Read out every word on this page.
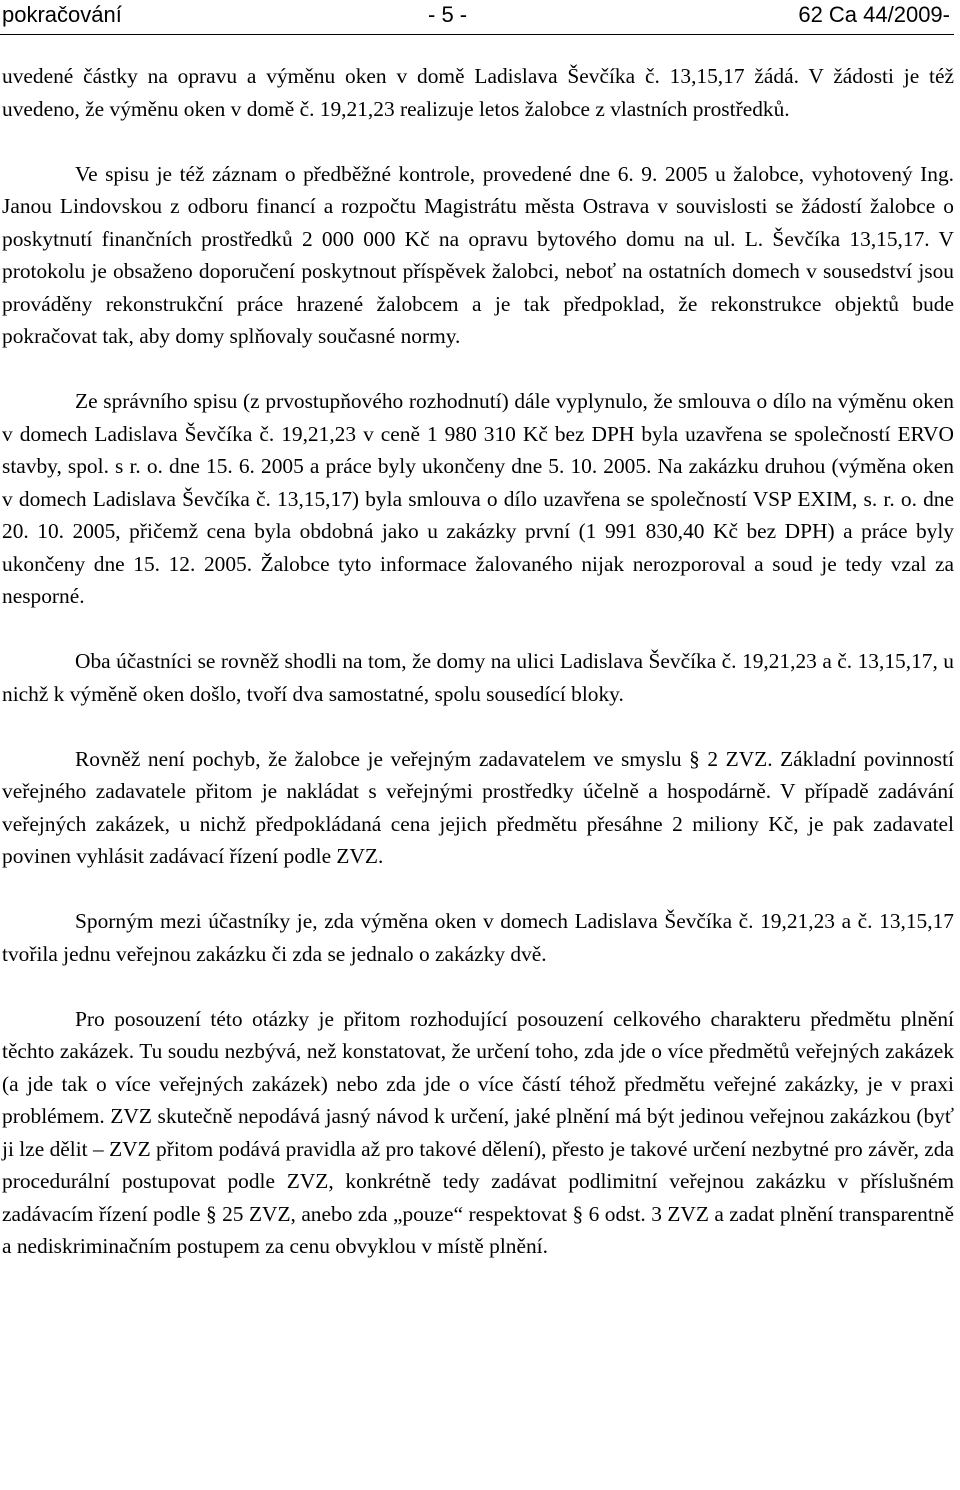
pokračování	- 5 -	62 Ca 44/2009-

uvedené částky na opravu a výměnu oken v domě Ladislava Ševčíka č. 13,15,17 žádá. V žádosti je též uvedeno, že výměnu oken v domě č. 19,21,23 realizuje letos žalobce z vlastních prostředků.

Ve spisu je též záznam o předběžné kontrole, provedené dne 6. 9. 2005 u žalobce, vyhotovený Ing. Janou Lindovskou z odboru financí a rozpočtu Magistrátu města Ostrava v souvislosti se žádostí žalobce o poskytnutí finančních prostředků 2 000 000 Kč na opravu bytového domu na ul. L. Ševčíka 13,15,17. V protokolu je obsaženo doporučení poskytnout příspěvek žalobci, neboť na ostatních domech v sousedství jsou prováděny rekonstrukční práce hrazené žalobcem a je tak předpoklad, že rekonstrukce objektů bude pokračovat tak, aby domy splňovaly současné normy.

Ze správního spisu (z prvostupňového rozhodnutí) dále vyplynulo, že smlouva o dílo na výměnu oken v domech Ladislava Ševčíka č. 19,21,23 v ceně 1 980 310 Kč bez DPH byla uzavřena se společností ERVO stavby, spol. s r. o. dne 15. 6. 2005 a práce byly ukončeny dne 5. 10. 2005. Na zakázku druhou (výměna oken v domech Ladislava Ševčíka č. 13,15,17) byla smlouva o dílo uzavřena se společností VSP EXIM, s. r. o. dne 20. 10. 2005, přičemž cena byla obdobná jako u zakázky první (1 991 830,40 Kč bez DPH) a práce byly ukončeny dne 15. 12. 2005. Žalobce tyto informace žalovaného nijak nerozporoval a soud je tedy vzal za nesporné.

Oba účastníci se rovněž shodli na tom, že domy na ulici Ladislava Ševčíka č. 19,21,23 a č. 13,15,17, u nichž k výměně oken došlo, tvoří dva samostatné, spolu sousedící bloky.

Rovněž není pochyb, že žalobce je veřejným zadavatelem ve smyslu § 2 ZVZ. Základní povinností veřejného zadavatele přitom je nakládat s veřejnými prostředky účelně a hospodárně. V případě zadávání veřejných zakázek, u nichž předpokládaná cena jejich předmětu přesáhne 2 miliony Kč, je pak zadavatel povinen vyhlásit zadávací řízení podle ZVZ.

Sporným mezi účastníky je, zda výměna oken v domech Ladislava Ševčíka č. 19,21,23 a č. 13,15,17 tvořila jednu veřejnou zakázku či zda se jednalo o zakázky dvě.

Pro posouzení této otázky je přitom rozhodující posouzení celkového charakteru předmětu plnění těchto zakázek. Tu soudu nezbývá, než konstatovat, že určení toho, zda jde o více předmětů veřejných zakázek (a jde tak o více veřejných zakázek) nebo zda jde o více částí téhož předmětu veřejné zakázky, je v praxi problémem. ZVZ skutečně nepodává jasný návod k určení, jaké plnění má být jedinou veřejnou zakázkou (byť ji lze dělit – ZVZ přitom podává pravidla až pro takové dělení), přesto je takové určení nezbytné pro závěr, zda procedurální postupovat podle ZVZ, konkrétně tedy zadávat podlimitní veřejnou zakázku v příslušném zadávacím řízení podle § 25 ZVZ, anebo zda „pouze“ respektovat § 6 odst. 3 ZVZ a zadat plnění transparentně a nediskriminačním postupem za cenu obvyklou v místě plnění.
